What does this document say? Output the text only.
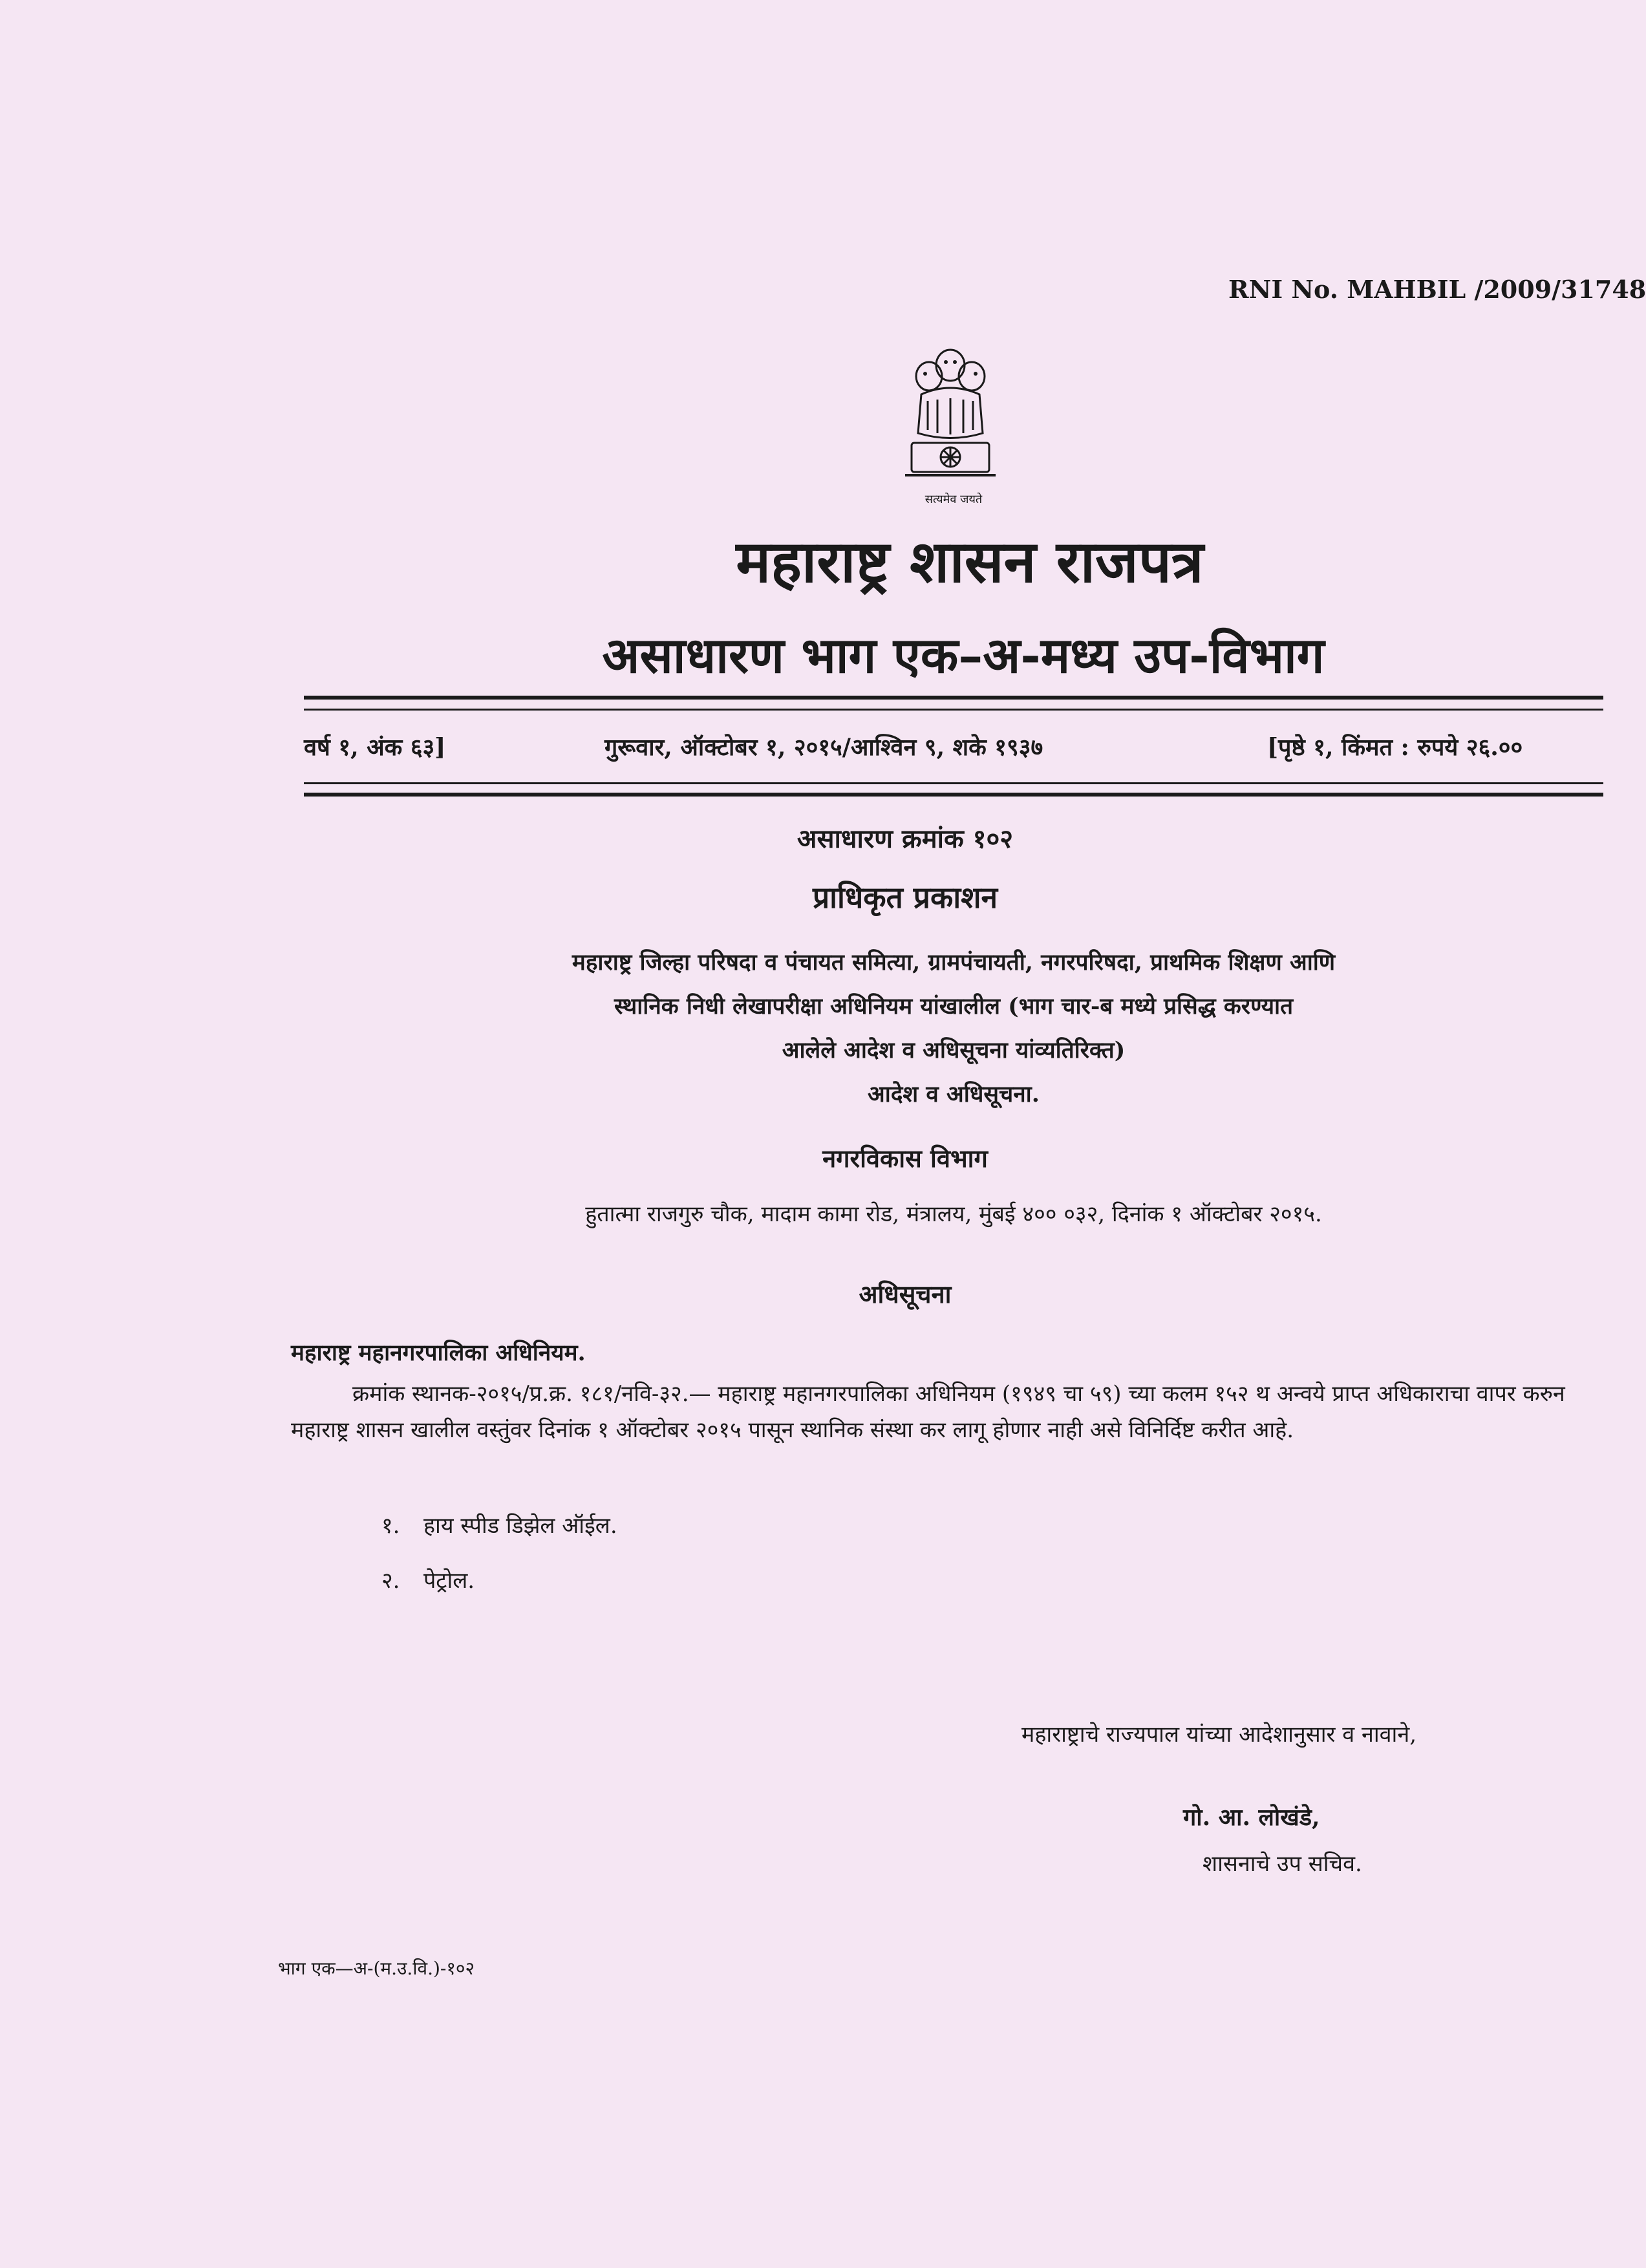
RNI No. MAHBIL /2009/31748
सत्यमेव जयते
महाराष्ट्र शासन राजपत्र
असाधारण भाग एक–अ-मध्य उप-विभाग
वर्ष १, अंक ६३]	गुरूवार, ऑक्टोबर १, २०१५/आश्विन ९, शके १९३७	[पृष्ठे १, किंमत : रुपये २६.००
असाधारण क्रमांक १०२
प्राधिकृत प्रकाशन
महाराष्ट्र जिल्हा परिषदा व पंचायत समित्या, ग्रामपंचायती, नगरपरिषदा, प्राथमिक शिक्षण आणि
स्थानिक निधी लेखापरीक्षा अधिनियम यांखालील (भाग चार-ब मध्ये प्रसिद्ध करण्यात
आलेले आदेश व अधिसूचना यांव्यतिरिक्त)
आदेश व अधिसूचना.
नगरविकास विभाग
हुतात्मा राजगुरु चौक, मादाम कामा रोड, मंत्रालय, मुंबई ४०० ०३२, दिनांक १ ऑक्टोबर २०१५.
अधिसूचना
महाराष्ट्र महानगरपालिका अधिनियम.
क्रमांक स्थानक-२०१५/प्र.क्र. १८१/नवि-३२.— महाराष्ट्र महानगरपालिका अधिनियम (१९४९ चा ५९) च्या कलम १५२ थ अन्वये प्राप्त अधिकाराचा वापर करुन महाराष्ट्र शासन खालील वस्तुंवर दिनांक १ ऑक्टोबर २०१५ पासून स्थानिक संस्था कर लागू होणार नाही असे विनिर्दिष्ट करीत आहे.
१. हाय स्पीड डिझेल ऑईल.
२. पेट्रोल.
महाराष्ट्राचे राज्यपाल यांच्या आदेशानुसार व नावाने,
गो. आ. लोखंडे,
शासनाचे उप सचिव.
भाग एक—अ-(म.उ.वि.)-१०२
